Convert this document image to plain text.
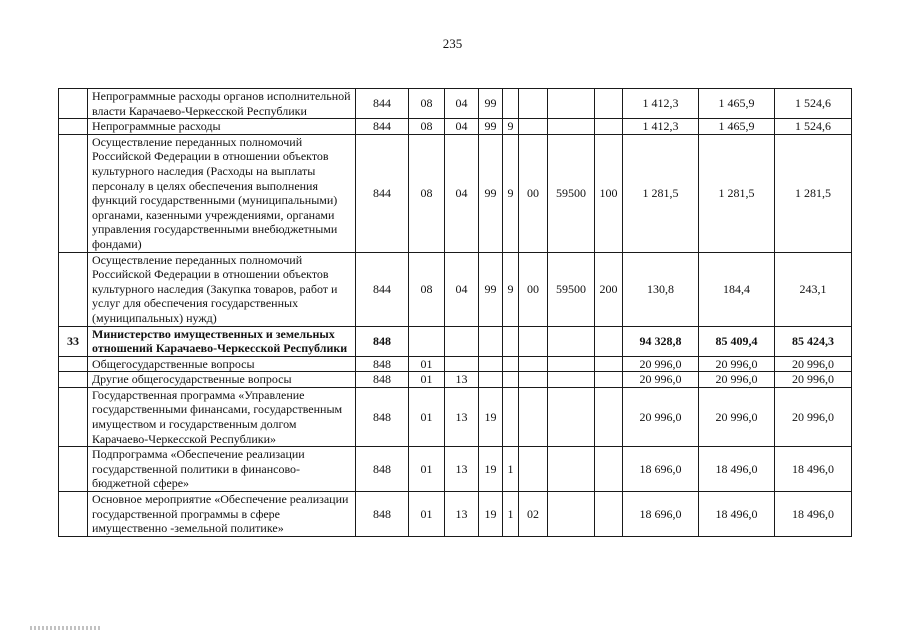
235
	Непрограммные расходы органов исполнительной власти Карачаево-Черкесской Республики	844	08	04	99					1 412,3	1 465,9	1 524,6
	Непрограммные расходы	844	08	04	99	9				1 412,3	1 465,9	1 524,6
	Осуществление переданных полномочий Российской Федерации в отношении объектов культурного наследия (Расходы на выплаты персоналу в целях обеспечения выполнения функций государственными (муниципальными) органами, казенными учреждениями, органами управления государственными внебюджетными фондами)	844	08	04	99	9	00	59500	100	1 281,5	1 281,5	1 281,5
	Осуществление переданных полномочий Российской Федерации в отношении объектов культурного наследия (Закупка товаров, работ и услуг для обеспечения государственных (муниципальных) нужд)	844	08	04	99	9	00	59500	200	130,8	184,4	243,1
33	Министерство имущественных и земельных отношений Карачаево-Черкесской Республики	848								94 328,8	85 409,4	85 424,3
	Общегосударственные вопросы	848	01							20 996,0	20 996,0	20 996,0
	Другие общегосударственные вопросы	848	01	13						20 996,0	20 996,0	20 996,0
	Государственная программа «Управление государственными финансами, государственным имуществом и государственным долгом Карачаево-Черкесской Республики»	848	01	13	19					20 996,0	20 996,0	20 996,0
	Подпрограмма «Обеспечение реализации государственной политики в финансово-бюджетной сфере»	848	01	13	19	1				18 696,0	18 496,0	18 496,0
	Основное мероприятие «Обеспечение реализации государственной программы в сфере имущественно -земельной политике»	848	01	13	19	1	02			18 696,0	18 496,0	18 496,0
